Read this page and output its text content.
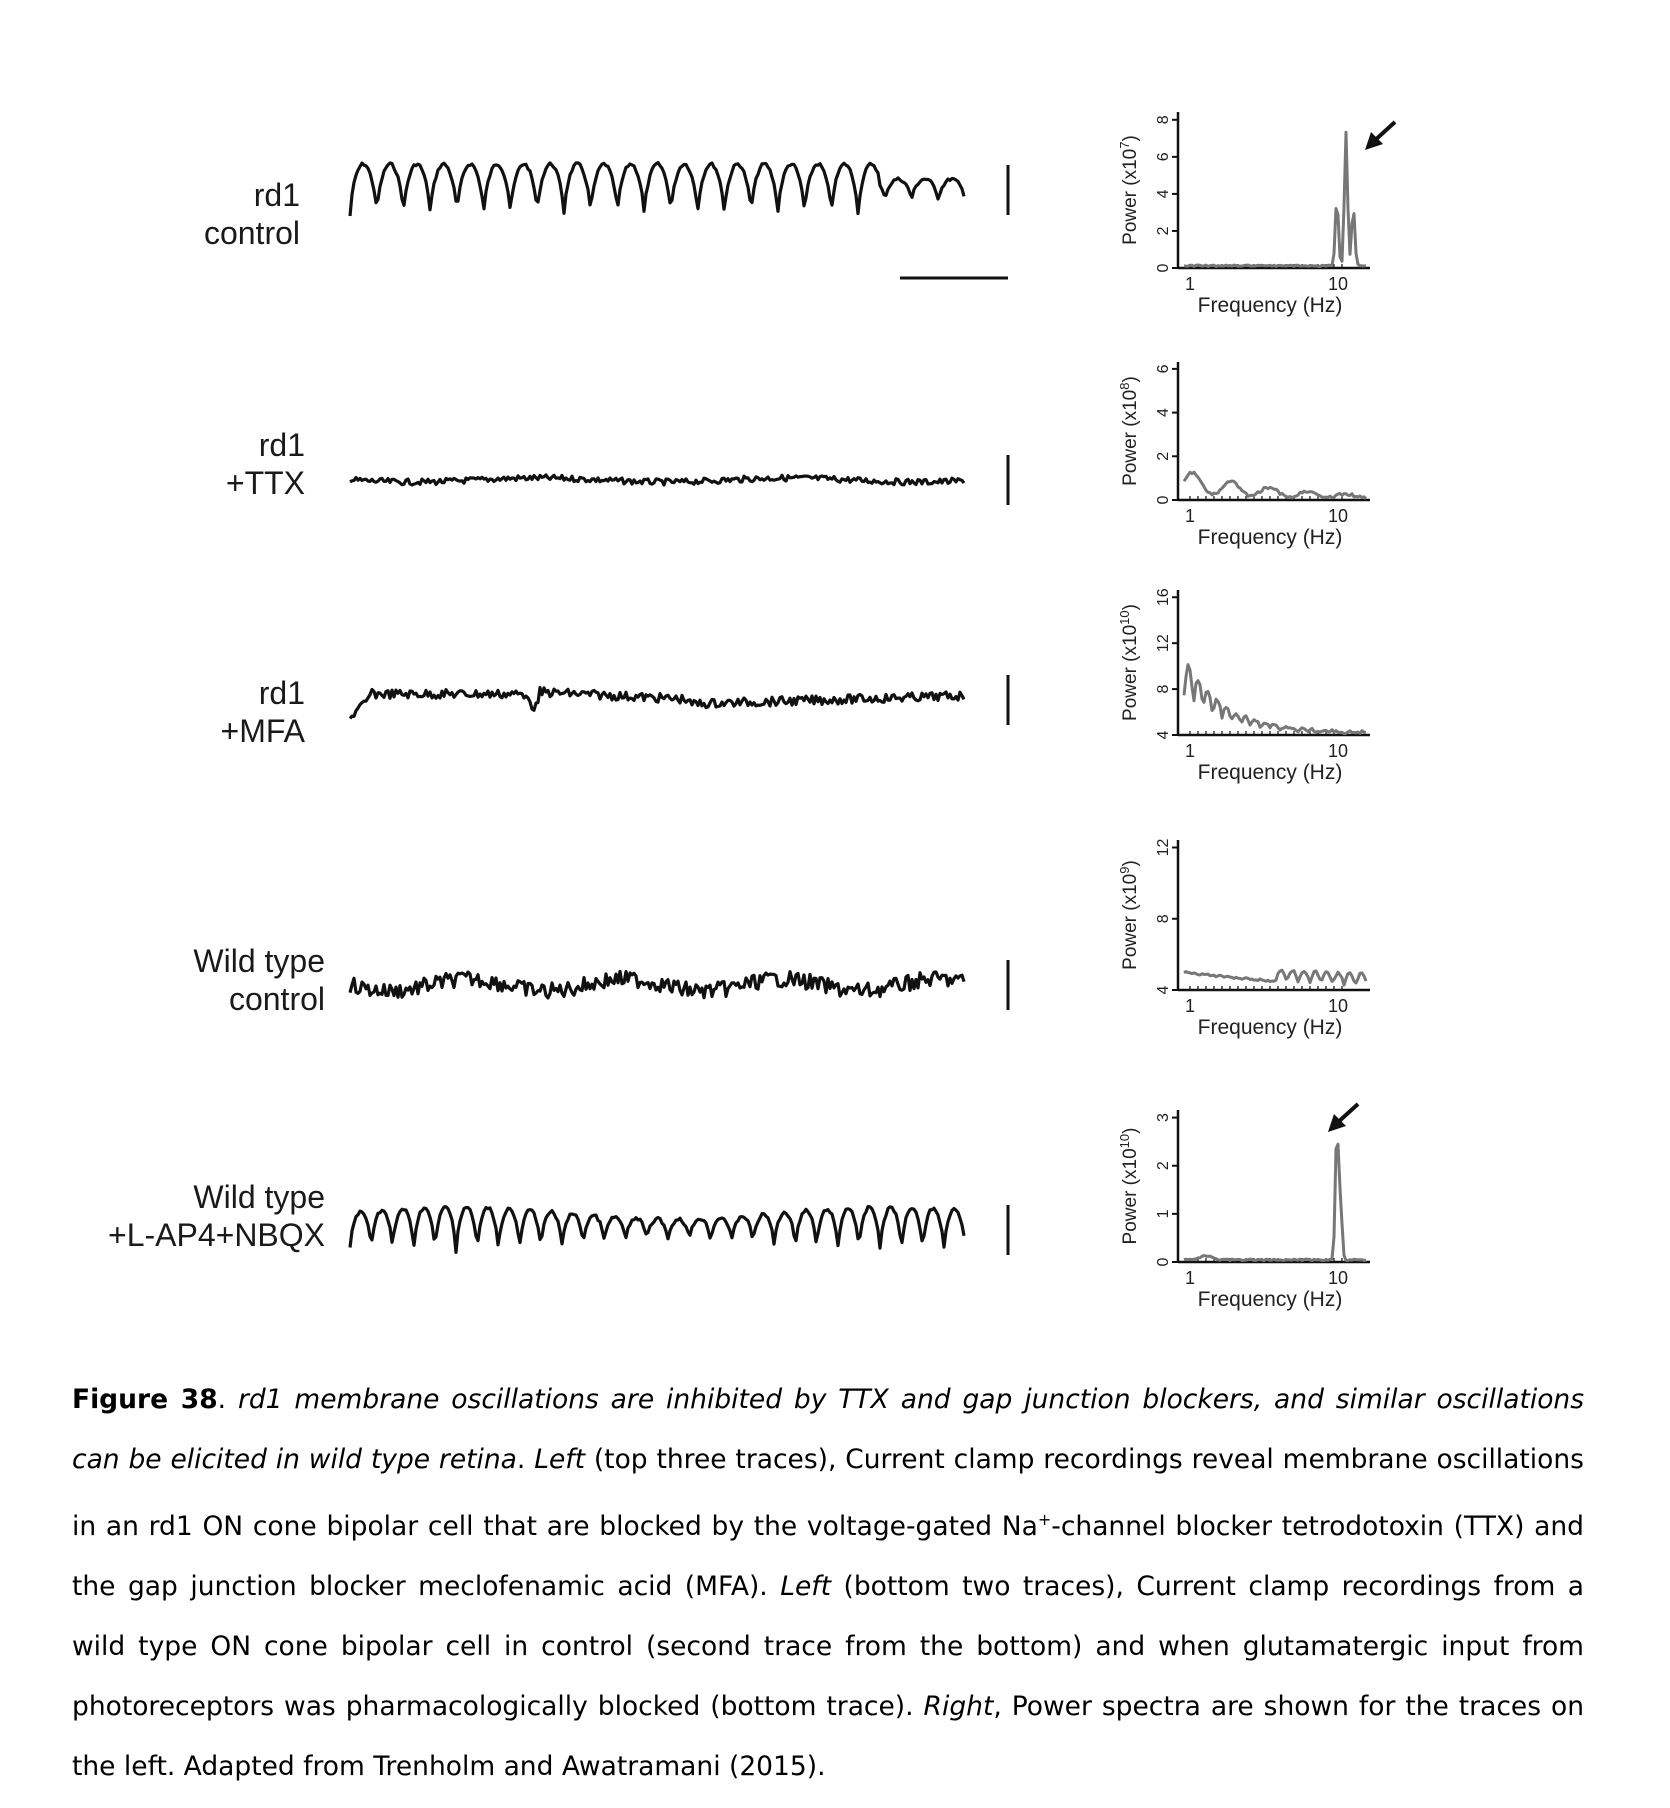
rd1
control
rd1
+TTX
rd1
+MFA
Wild type
control
Wild type
+L-AP4+NBQX
0
2
4
6
8
1	10
Frequency (Hz)
Power $(x10^7)$
0
2
4
6
1	10
Frequency (Hz)
Power $(x10^8)$
4
8
12
16
1	10
Frequency (Hz)
Power $(x10^{10})$
4
8
12
1	10
Frequency (Hz)
Power $(x10^9)$
0
1
2
3
1	10
Frequency (Hz)
Power $(x10^{10})$
Figure 38. rd1 membrane oscillations are inhibited by TTX and gap junction blockers, and similar oscillations can be elicited in wild type retina. Left (top three traces), Current clamp recordings reveal membrane oscillations in an rd1 ON cone bipolar cell that are blocked by the voltage-gated Na+-channel blocker tetrodotoxin (TTX) and the gap junction blocker meclofenamic acid (MFA). Left (bottom two traces), Current clamp recordings from a wild type ON cone bipolar cell in control (second trace from the bottom) and when glutamatergic input from photoreceptors was pharmacologically blocked (bottom trace). Right, Power spectra are shown for the traces on the left. Adapted from Trenholm and Awatramani (2015).
